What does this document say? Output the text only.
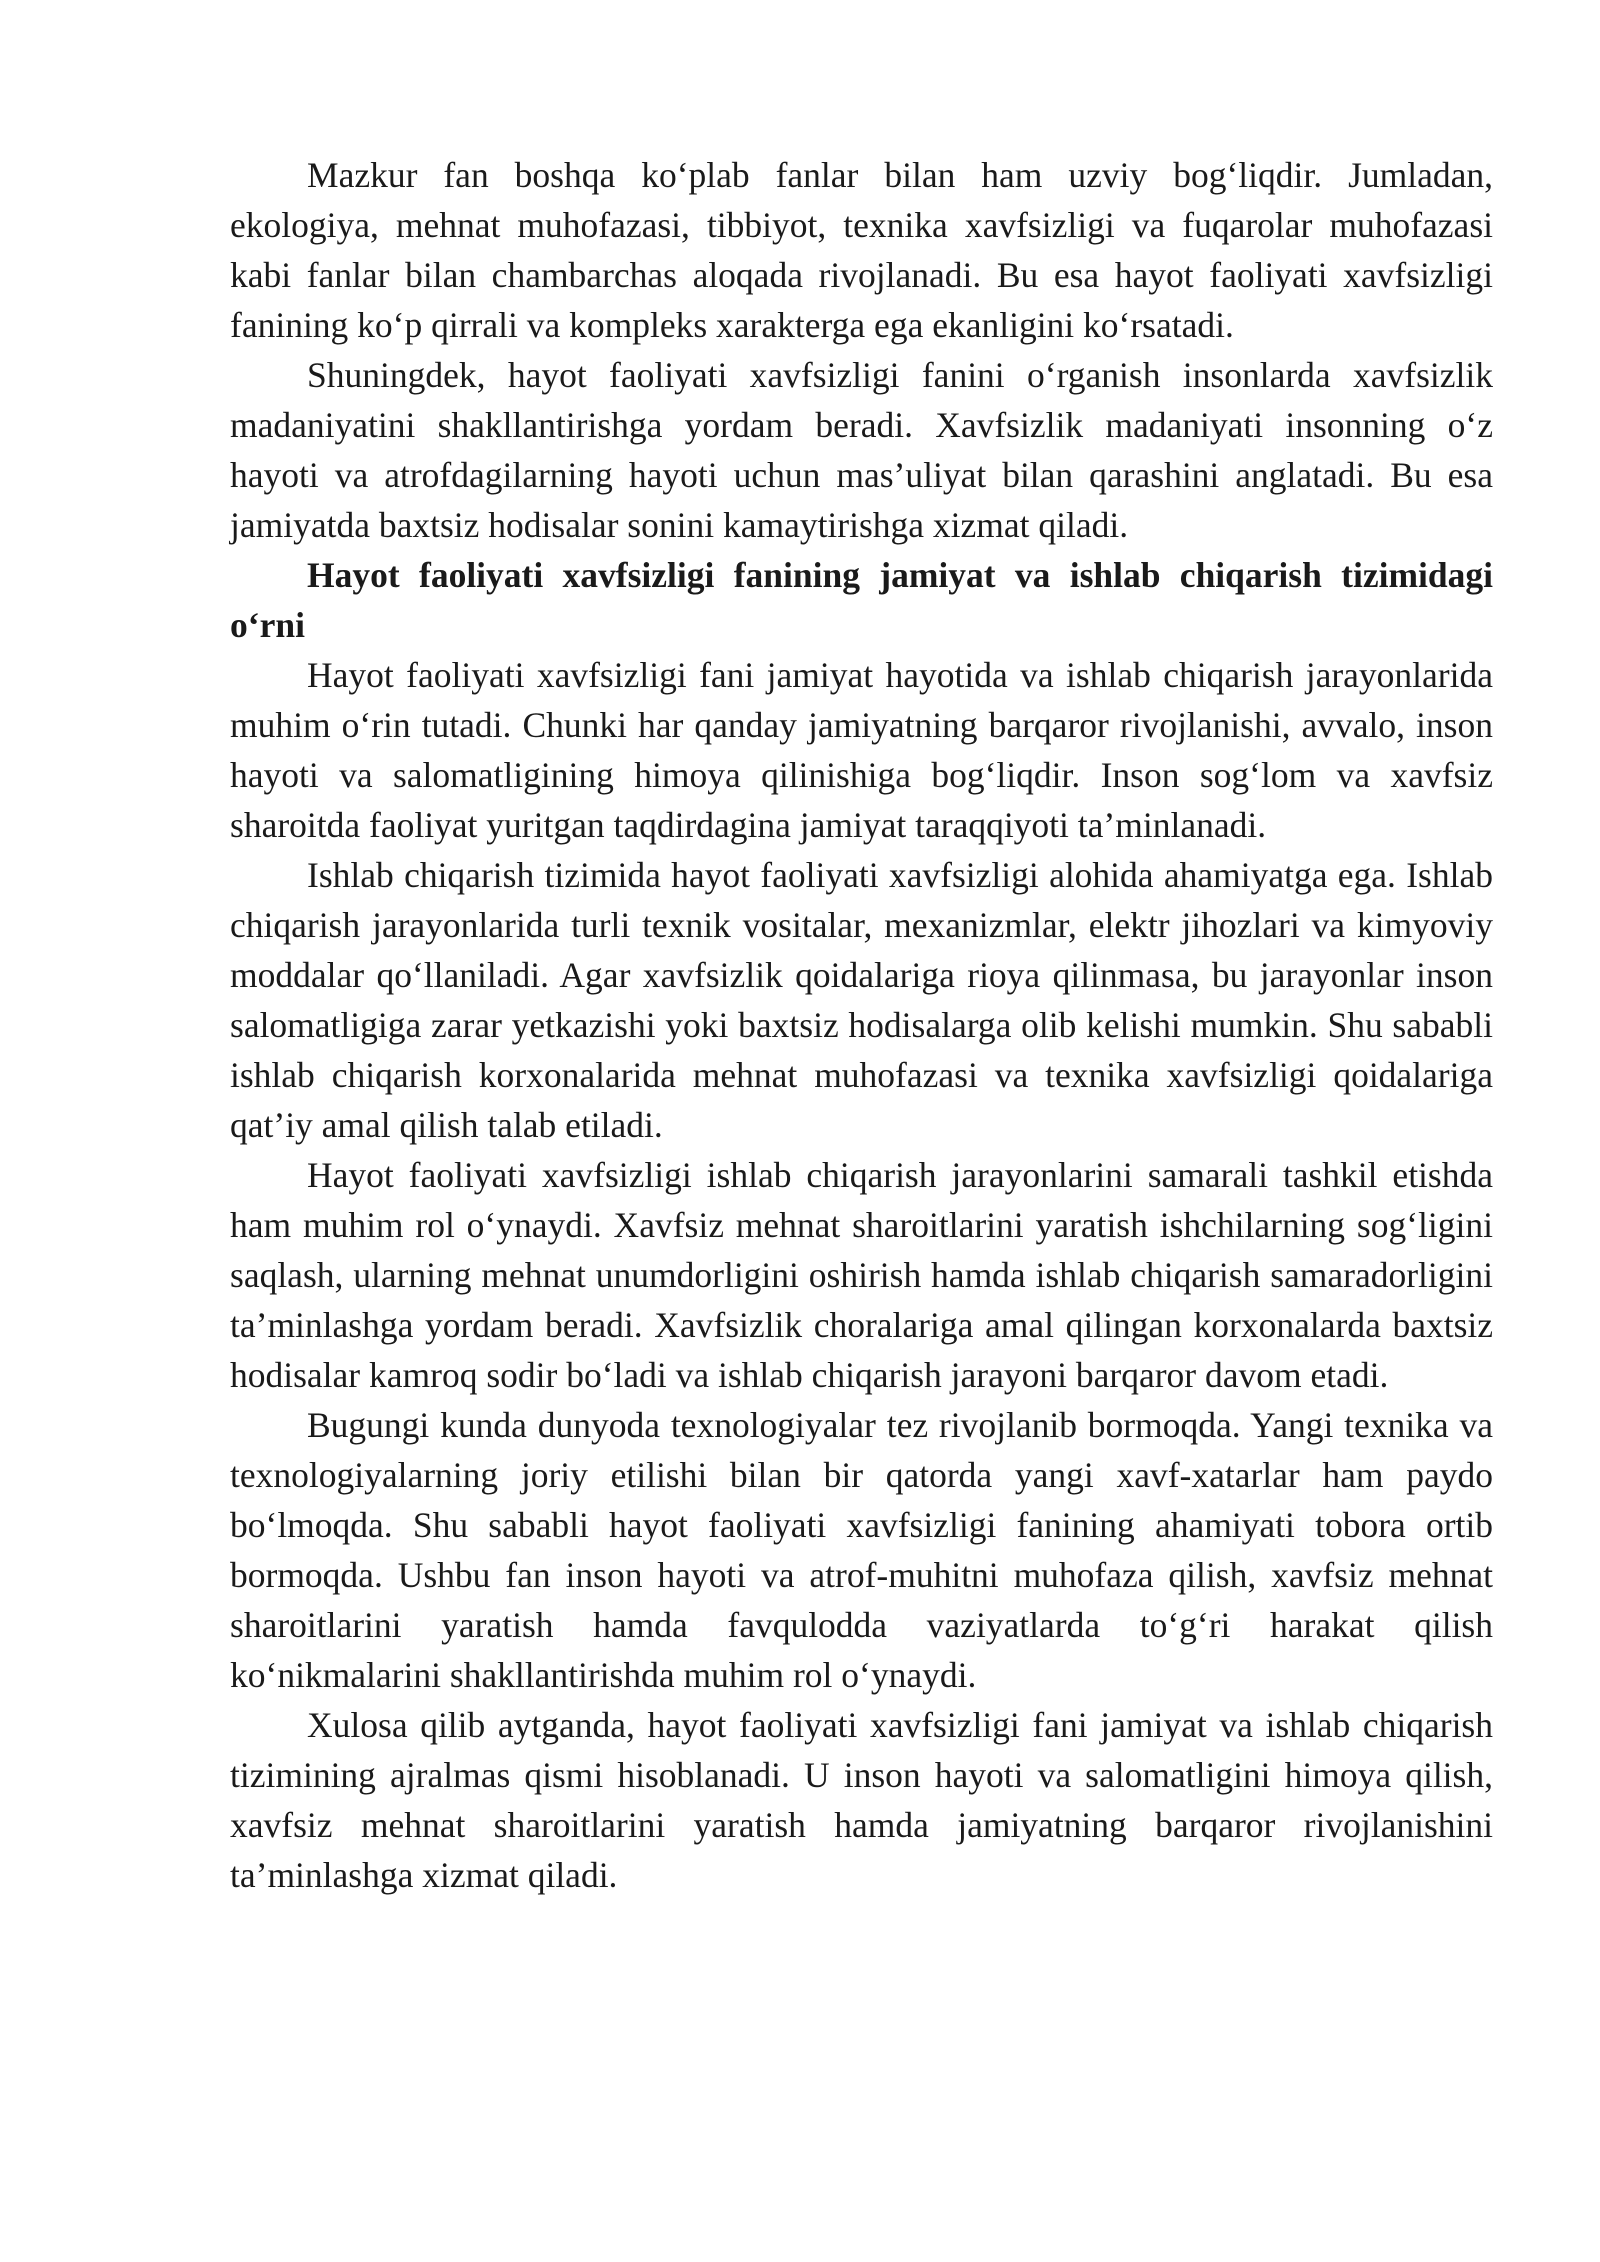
Mazkur fan boshqa ko‘plab fanlar bilan ham uzviy bog‘liqdir. Jumladan, ekologiya, mehnat muhofazasi, tibbiyot, texnika xavfsizligi va fuqarolar muhofazasi kabi fanlar bilan chambarchas aloqada rivojlanadi. Bu esa hayot faoliyati xavfsizligi fanining ko‘p qirrali va kompleks xarakterga ega ekanligini ko‘rsatadi.

Shuningdek, hayot faoliyati xavfsizligi fanini o‘rganish insonlarda xavfsizlik madaniyatini shakllantirishga yordam beradi. Xavfsizlik madaniyati insonning o‘z hayoti va atrofdagilarning hayoti uchun mas’uliyat bilan qarashini anglatadi. Bu esa jamiyatda baxtsiz hodisalar sonini kamaytirishga xizmat qiladi.

Hayot faoliyati xavfsizligi fanining jamiyat va ishlab chiqarish tizimidagi o‘rni

Hayot faoliyati xavfsizligi fani jamiyat hayotida va ishlab chiqarish jarayonlarida muhim o‘rin tutadi. Chunki har qanday jamiyatning barqaror rivojlanishi, avvalo, inson hayoti va salomatligining himoya qilinishiga bog‘liqdir. Inson sog‘lom va xavfsiz sharoitda faoliyat yuritgan taqdirdagina jamiyat taraqqiyoti ta’minlanadi.

Ishlab chiqarish tizimida hayot faoliyati xavfsizligi alohida ahamiyatga ega. Ishlab chiqarish jarayonlarida turli texnik vositalar, mexanizmlar, elektr jihozlari va kimyoviy moddalar qo‘llaniladi. Agar xavfsizlik qoidalariga rioya qilinmasa, bu jarayonlar inson salomatligiga zarar yetkazishi yoki baxtsiz hodisalarga olib kelishi mumkin. Shu sababli ishlab chiqarish korxonalarida mehnat muhofazasi va texnika xavfsizligi qoidalariga qat’iy amal qilish talab etiladi.

Hayot faoliyati xavfsizligi ishlab chiqarish jarayonlarini samarali tashkil etishda ham muhim rol o‘ynaydi. Xavfsiz mehnat sharoitlarini yaratish ishchilarning sog‘ligini saqlash, ularning mehnat unumdorligini oshirish hamda ishlab chiqarish samaradorligini ta’minlashga yordam beradi. Xavfsizlik choralariga amal qilingan korxonalarda baxtsiz hodisalar kamroq sodir bo‘ladi va ishlab chiqarish jarayoni barqaror davom etadi.

Bugungi kunda dunyoda texnologiyalar tez rivojlanib bormoqda. Yangi texnika va texnologiyalarning joriy etilishi bilan bir qatorda yangi xavf-xatarlar ham paydo bo‘lmoqda. Shu sababli hayot faoliyati xavfsizligi fanining ahamiyati tobora ortib bormoqda. Ushbu fan inson hayoti va atrof-muhitni muhofaza qilish, xavfsiz mehnat sharoitlarini yaratish hamda favqulodda vaziyatlarda to‘g‘ri harakat qilish ko‘nikmalarini shakllantirishda muhim rol o‘ynaydi.

Xulosa qilib aytganda, hayot faoliyati xavfsizligi fani jamiyat va ishlab chiqarish tizimining ajralmas qismi hisoblanadi. U inson hayoti va salomatligini himoya qilish, xavfsiz mehnat sharoitlarini yaratish hamda jamiyatning barqaror rivojlanishini ta’minlashga xizmat qiladi.
